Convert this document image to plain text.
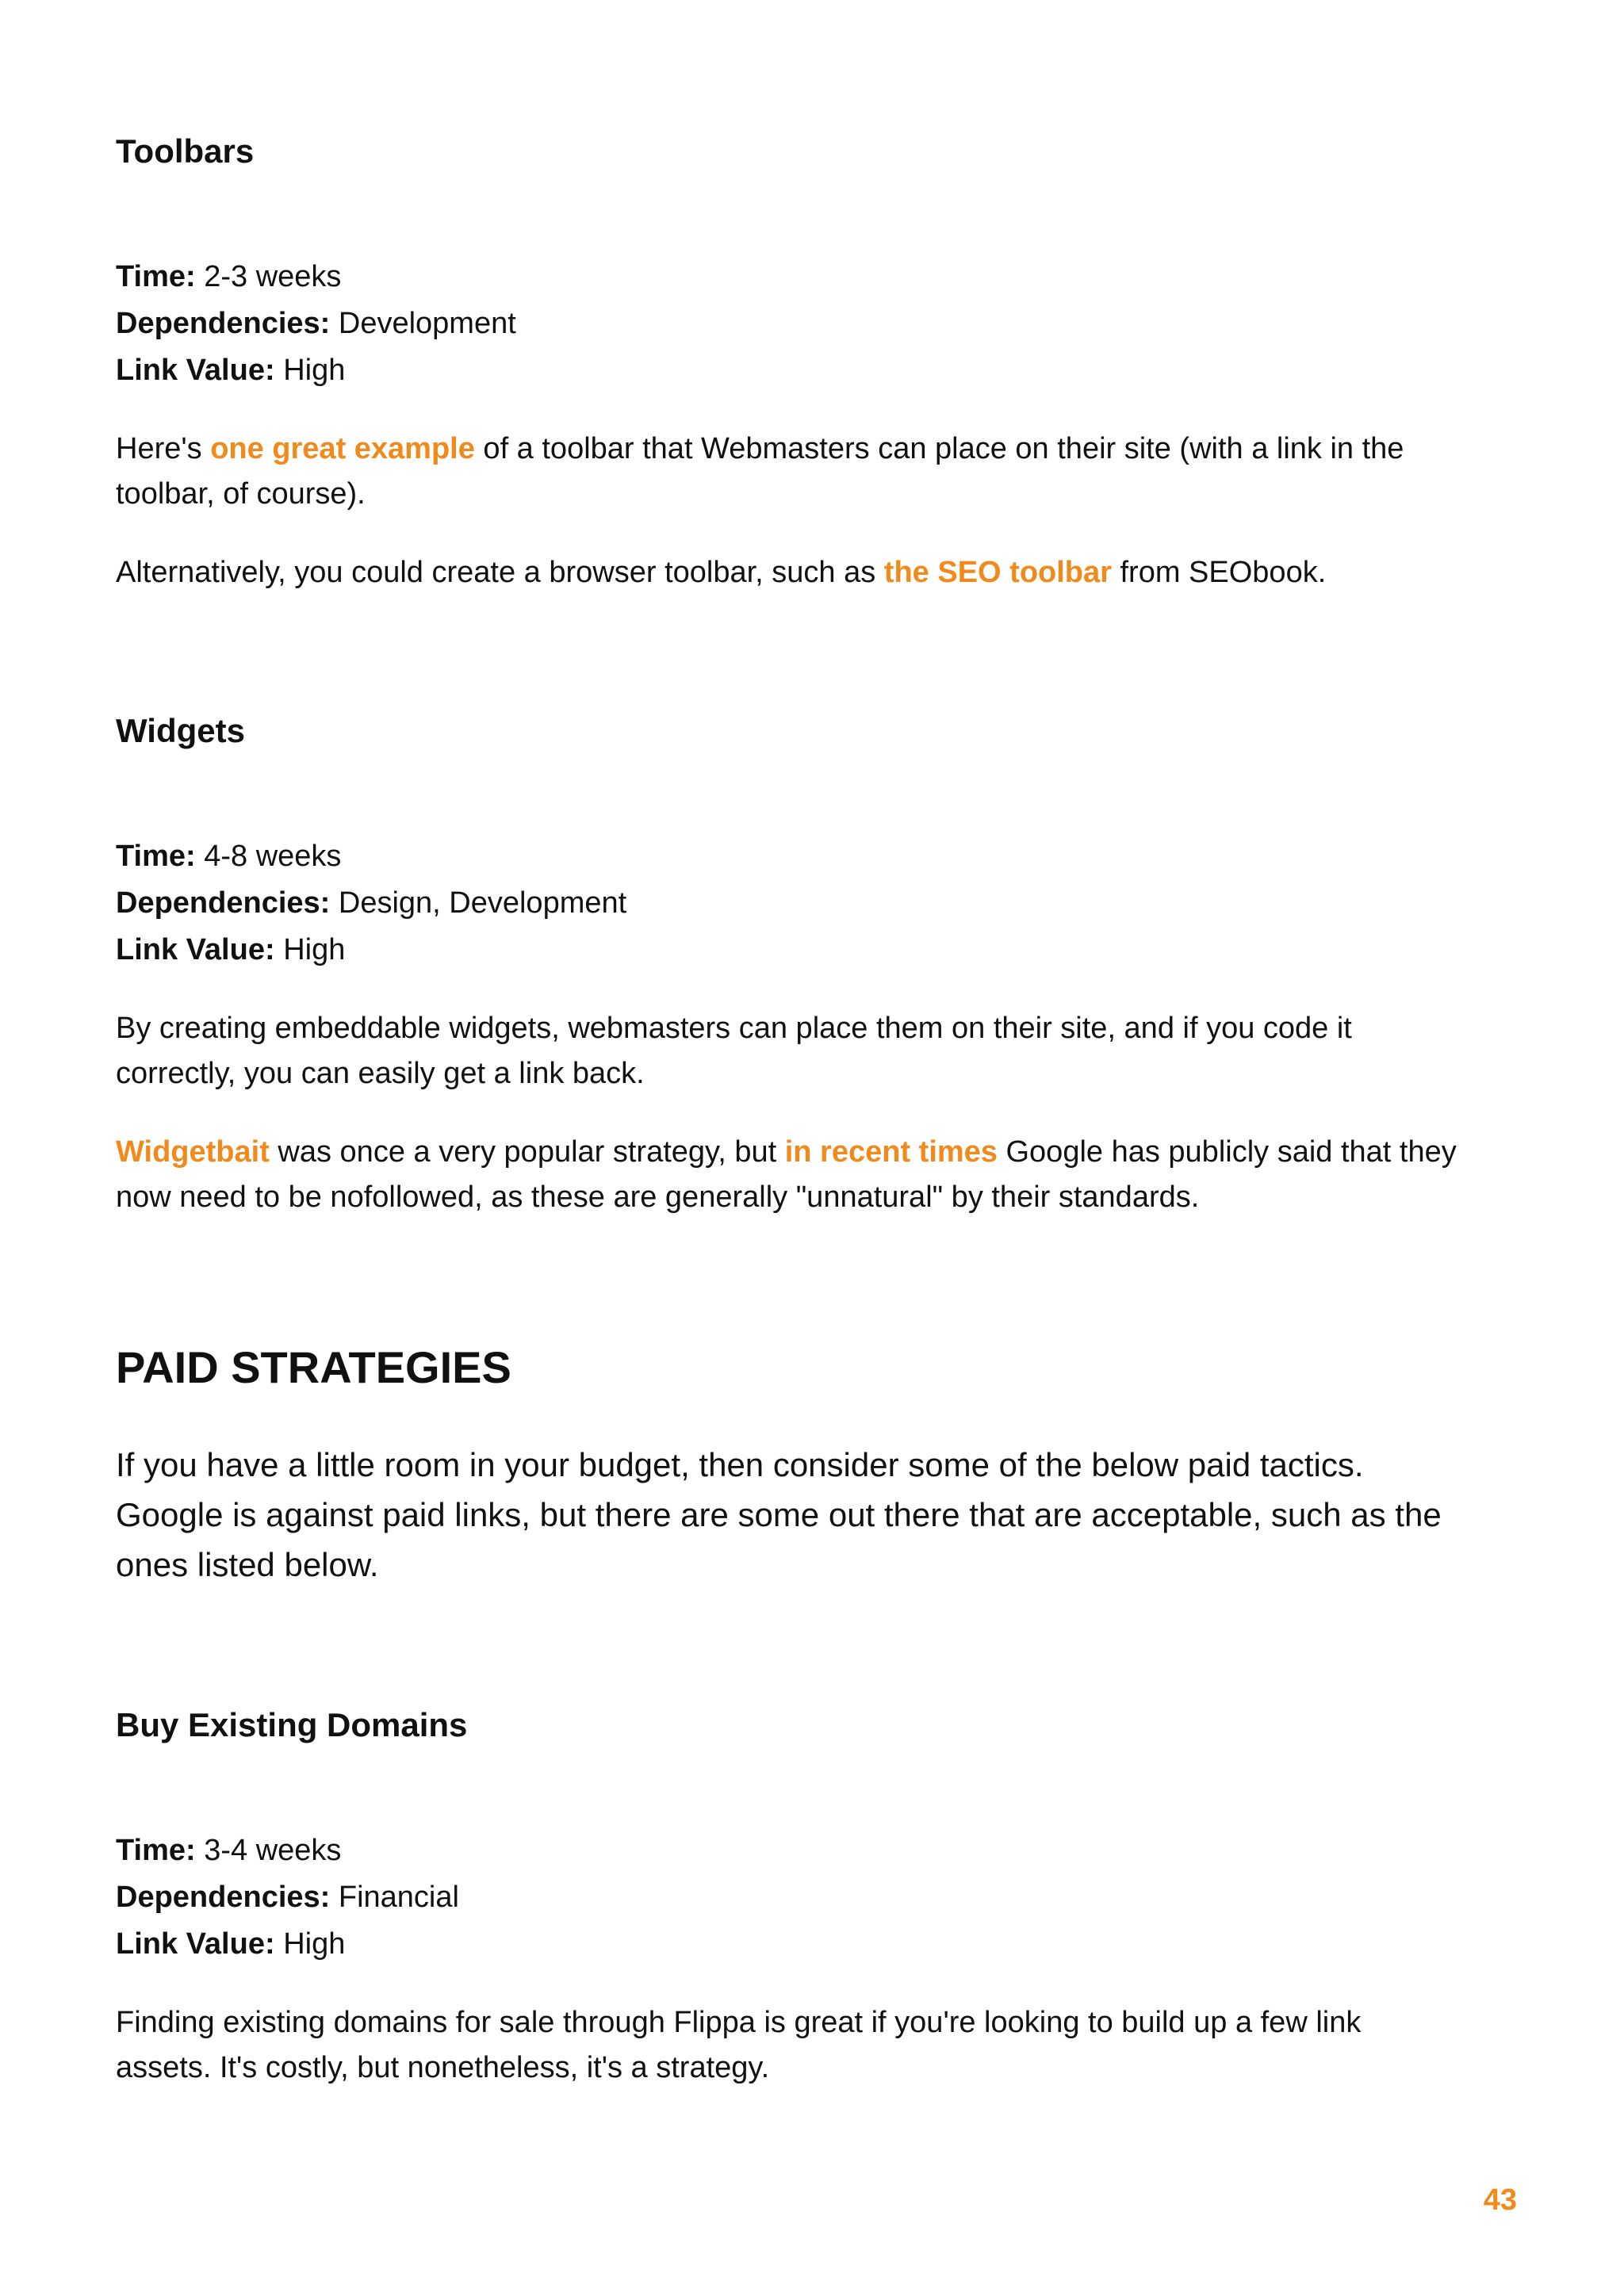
Toolbars
Time: 2-3 weeks
Dependencies: Development
Link Value: High
Here's one great example of a toolbar that Webmasters can place on their site (with a link in the
toolbar, of course).
Alternatively, you could create a browser toolbar, such as the SEO toolbar from SEObook.
Widgets
Time: 4-8 weeks
Dependencies: Design, Development
Link Value: High
By creating embeddable widgets, webmasters can place them on their site, and if you code it
correctly, you can easily get a link back.
Widgetbait was once a very popular strategy, but in recent times Google has publicly said that they
now need to be nofollowed, as these are generally "unnatural" by their standards.
PAID STRATEGIES
If you have a little room in your budget, then consider some of the below paid tactics.
Google is against paid links, but there are some out there that are acceptable, such as the
ones listed below.
Buy Existing Domains
Time: 3-4 weeks
Dependencies: Financial
Link Value: High
Finding existing domains for sale through Flippa is great if you're looking to build up a few link
assets. It's costly, but nonetheless, it's a strategy.
43
